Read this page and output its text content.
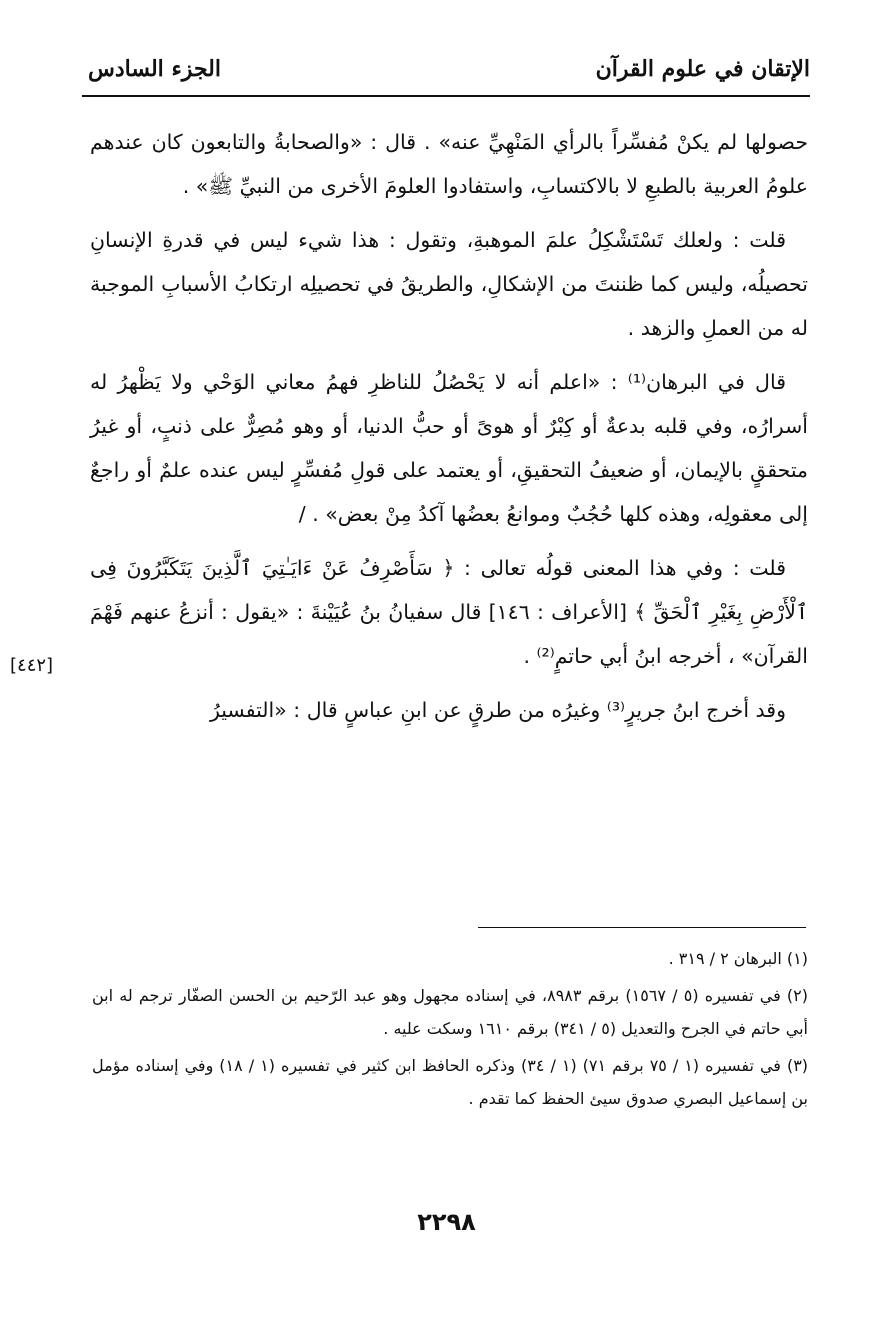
الإتقان في علوم القرآن
الجزء السادس

حصولها لم يكنْ مُفسِّراً بالرأي المَنْهِيِّ عنه» . قال : «والصحابةُ والتابعون كان عندهم علومُ العربية بالطبعِ لا بالاكتسابِ، واستفادوا العلومَ الأخرى من النبيِّ ﷺ» .

قلت : ولعلك تَسْتَشْكِلُ علمَ الموهبةِ، وتقول : هذا شيء ليس في قدرةِ الإنسانِ تحصيلُه، وليس كما ظننتَ من الإشكالِ، والطريقُ في تحصيلِه ارتكابُ الأسبابِ الموجبة له من العملِ والزهد .

قال في البرهان⁽¹⁾ : «اعلم أنه لا يَحْصُلُ للناظرِ فهمُ معاني الوَحْي ولا يَظْهرُ له أسرارُه، وفي قلبه بدعةٌ أو كِبْرٌ أو هوىً أو حبُّ الدنيا، أو وهو مُصِرٌّ على ذنبٍ، أو غيرُ متحققٍ بالإيمان، أو ضعيفُ التحقيقِ، أو يعتمد على قولِ مُفسِّرٍ ليس عنده علمٌ أو راجعٌ إلى معقولِه، وهذه كلها حُجُبٌ وموانعُ بعضُها آكدُ مِنْ بعض» . /

قلت : وفي هذا المعنى قولُه تعالى : ﴿ سَأَصْرِفُ عَنْ ءَايَـٰتِيَ ٱلَّذِينَ يَتَكَبَّرُونَ فِى ٱلْأَرْضِ بِغَيْرِ ٱلْحَقِّ ﴾ [الأعراف : ١٤٦] قال سفيانُ بنُ عُيَيْنةَ : «يقول : أنزعُ عنهم فَهْمَ القرآن» ، أخرجه ابنُ أبي حاتمٍ⁽²⁾ .

وقد أخرج ابنُ جريرٍ⁽³⁾ وغيرُه من طرقٍ عن ابنِ عباسٍ قال : «التفسيرُ

[٤٤٢]

(١) البرهان ٢ / ٣١٩ .

(٢) في تفسيره (٥ / ١٥٦٧) برقم ٨٩٨٣، في إسناده مجهول وهو عبد الرّحيم بن الحسن الصفّار ترجم له ابن أبي حاتم في الجرح والتعديل (٥ / ٣٤١) برقم ١٦١٠ وسكت عليه .

(٣) في تفسيره (١ / ٧٥ برقم ٧١) (١ / ٣٤) وذكره الحافظ ابن كثير في تفسيره (١ / ١٨) وفي إسناده مؤمل بن إسماعيل البصري صدوق سيئ الحفظ كما تقدم .

٢٢٩٨
